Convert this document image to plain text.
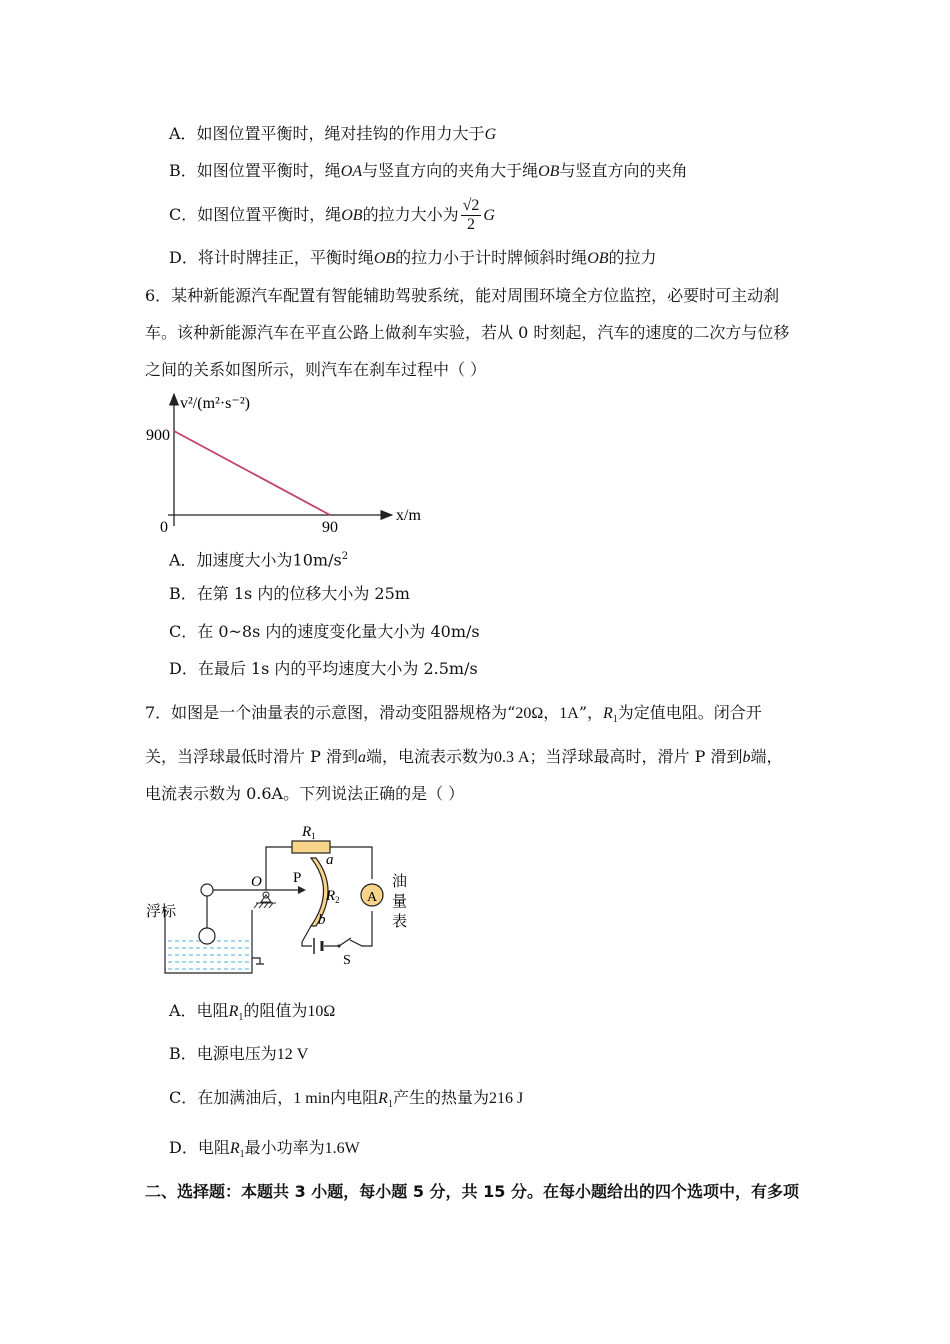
A．如图位置平衡时，绳对挂钩的作用力大于G
B．如图位置平衡时，绳OA与竖直方向的夹角大于绳OB与竖直方向的夹角
C．如图位置平衡时，绳OB的拉力大小为 $\frac{√2}{2}$ G
D．将计时牌挂正，平衡时绳OB的拉力小于计时牌倾斜时绳OB的拉力
6．某种新能源汽车配置有智能辅助驾驶系统，能对周围环境全方位监控，必要时可主动刹
车。该种新能源汽车在平直公路上做刹车实验，若从 0 时刻起，汽车的速度的二次方与位移
之间的关系如图所示，则汽车在刹车过程中（ ）
900
90
0
v²/(m²·s⁻²)
x/m
A．加速度大小为$10m/s^2$
B．在第 1s 内的位移大小为 25m
C．在 0~8s 内的速度变化量大小为 40m/s
D．在最后 1s 内的平均速度大小为 2.5m/s
7．如图是一个油量表的示意图，滑动变阻器规格为“20Ω，1A”，$R_1$为定值电阻。闭合开
关，当浮球最低时滑片 P 滑到a端，电流表示数为0.3 A；当浮球最高时，滑片 P 滑到b端，
电流表示数为 0.6A。下列说法正确的是（ ）
A
$R_1$
a
O P
$R_2$
b
S
浮标
油
量
表
A．电阻$R_1$的阻值为10Ω
B．电源电压为12 V
C．在加满油后，1 min内电阻$R_1$产生的热量为216 J
D．电阻$R_1$最小功率为1.6W
二、选择题：本题共 3 小题，每小题 5 分，共 15 分。在每小题给出的四个选项中，有多项
